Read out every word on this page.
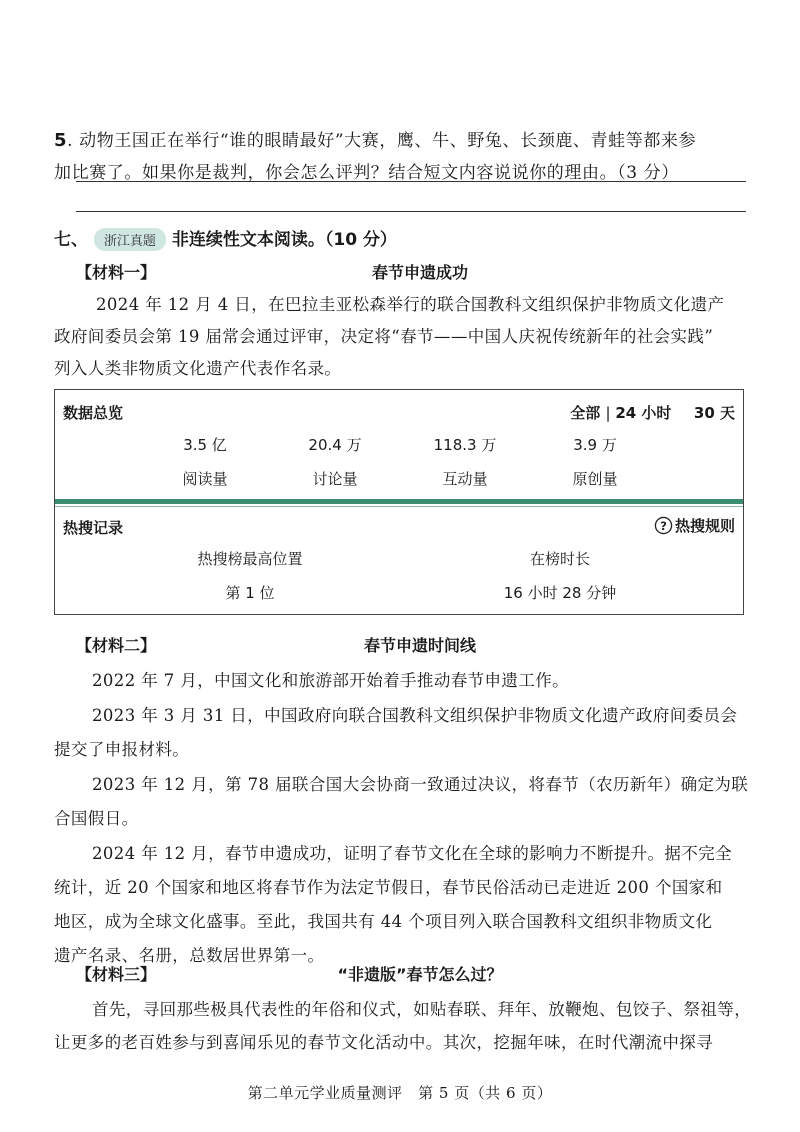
5. 动物王国正在举行“谁的眼睛最好”大赛，鹰、牛、野兔、长颈鹿、青蛙等都来参
加比赛了。如果你是裁判，你会怎么评判？结合短文内容说说你的理由。（3 分）
七、 浙江真题 非连续性文本阅读。（10 分）
【材料一】	春节申遗成功
2024 年 12 月 4 日，在巴拉圭亚松森举行的联合国教科文组织保护非物质文化遗产
政府间委员会第 19 届常会通过评审，决定将“春节——中国人庆祝传统新年的社会实践”
列入人类非物质文化遗产代表作名录。
数据总览	全部 | 24 小时 30 天
3.5 亿	20.4 万	118.3 万	3.9 万
阅读量	讨论量	互动量	原创量
热搜记录	? 热搜规则
热搜榜最高位置	在榜时长
第 1 位	16 小时 28 分钟
【材料二】	春节申遗时间线
2022 年 7 月，中国文化和旅游部开始着手推动春节申遗工作。
2023 年 3 月 31 日，中国政府向联合国教科文组织保护非物质文化遗产政府间委员会
提交了申报材料。
2023 年 12 月，第 78 届联合国大会协商一致通过决议，将春节（农历新年）确定为联
合国假日。
2024 年 12 月，春节申遗成功，证明了春节文化在全球的影响力不断提升。据不完全
统计，近 20 个国家和地区将春节作为法定节假日，春节民俗活动已走进近 200 个国家和
地区，成为全球文化盛事。至此，我国共有 44 个项目列入联合国教科文组织非物质文化
遗产名录、名册，总数居世界第一。
【材料三】	“非遗版”春节怎么过？
首先，寻回那些极具代表性的年俗和仪式，如贴春联、拜年、放鞭炮、包饺子、祭祖等，
让更多的老百姓参与到喜闻乐见的春节文化活动中。其次，挖掘年味，在时代潮流中探寻
第二单元学业质量测评　第 5 页（共 6 页）
